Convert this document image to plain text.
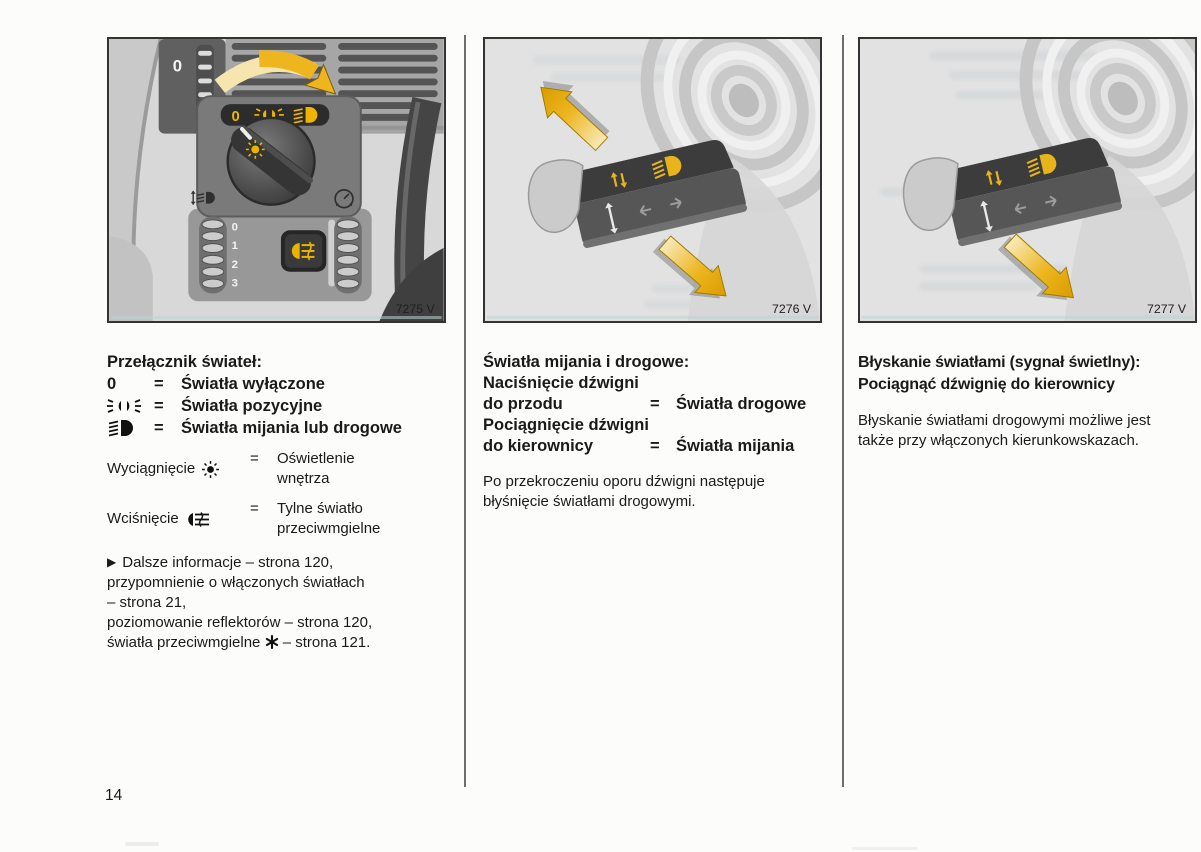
0
0
0
1
2
3
7275 V
Przełącznik świateł:
0	=	Światła wyłączone
=	Światła pozycyjne
=	Światła mijania lub drogowe
Wyciągnięcie
=	Oświetlenie wnętrza
Wciśnięcie
=	Tylne światło przeciwmgielne
▶ Dalsze informacje – strona 120,
przypomnienie o włączonych światłach
– strona 21,
poziomowanie reflektorów – strona 120,
światła przeciwmgielne – strona 121.
7276 V
Światła mijania i drogowe:
Naciśnięcie dźwigni
do przodu	= Światła drogowe
Pociągnięcie dźwigni
do kierownicy	= Światła mijania
Po przekroczeniu oporu dźwigni następuje
błyśnięcie światłami drogowymi.
7277 V
Błyskanie światłami (sygnał świetlny):
Pociągnąć dźwignię do kierownicy
Błyskanie światłami drogowymi możliwe jest
także przy włączonych kierunkowskazach.
14
